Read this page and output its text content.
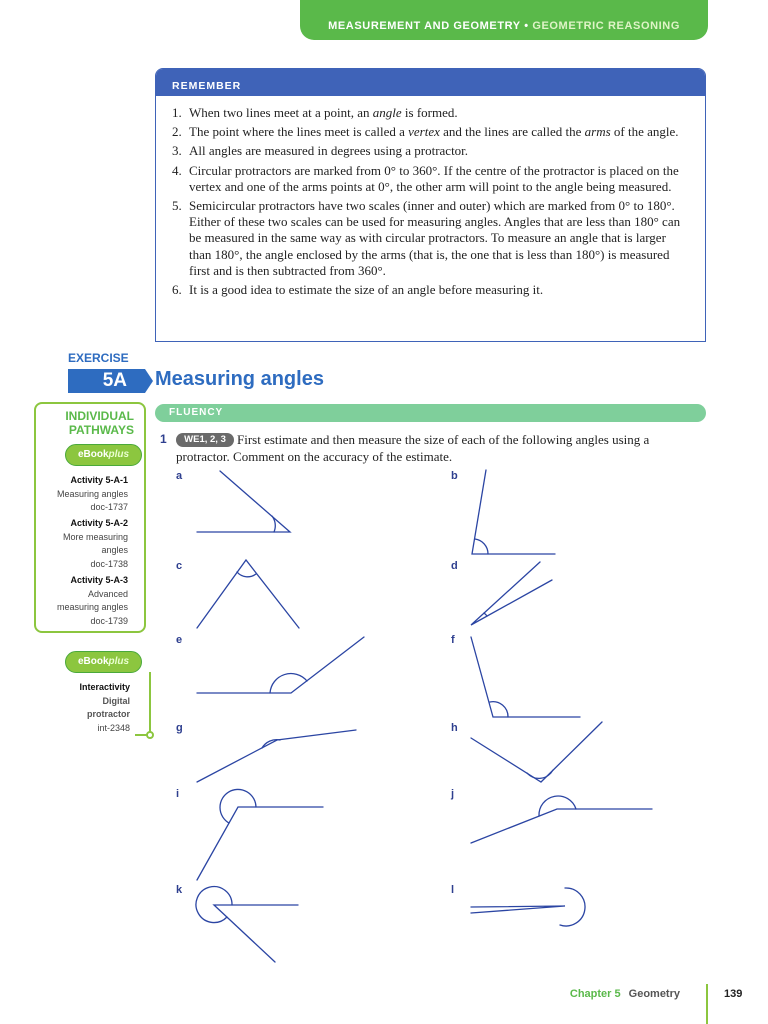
MEASUREMENT AND GEOMETRY • GEOMETRIC REASONING
REMEMBER
1. When two lines meet at a point, an angle is formed.
2. The point where the lines meet is called a vertex and the lines are called the arms of the angle.
3. All angles are measured in degrees using a protractor.
4. Circular protractors are marked from 0° to 360°. If the centre of the protractor is placed on the vertex and one of the arms points at 0°, the other arm will point to the angle being measured.
5. Semicircular protractors have two scales (inner and outer) which are marked from 0° to 180°. Either of these two scales can be used for measuring angles. Angles that are less than 180° can be measured in the same way as with circular protractors. To measure an angle that is larger than 180°, the angle enclosed by the arms (that is, the one that is less than 180°) is measured first and is then subtracted from 360°.
6. It is a good idea to estimate the size of an angle before measuring it.
EXERCISE
5A	Measuring angles
FLUENCY
1	First estimate and then measure the size of each of the following angles using a protractor. Comment on the accuracy of the estimate.
WE1, 2, 3
INDIVIDUAL
PATHWAYS
eBookplus
Activity 5-A-1
Measuring angles
doc-1737
Activity 5-A-2
More measuring
angles
doc-1738
Activity 5-A-3
Advanced
measuring angles
doc-1739
eBookplus
Interactivity
Digital
protractor
int-2348
a	b
c	d
e	f
g	h
i	j
k	l
Chapter 5 Geometry	139
